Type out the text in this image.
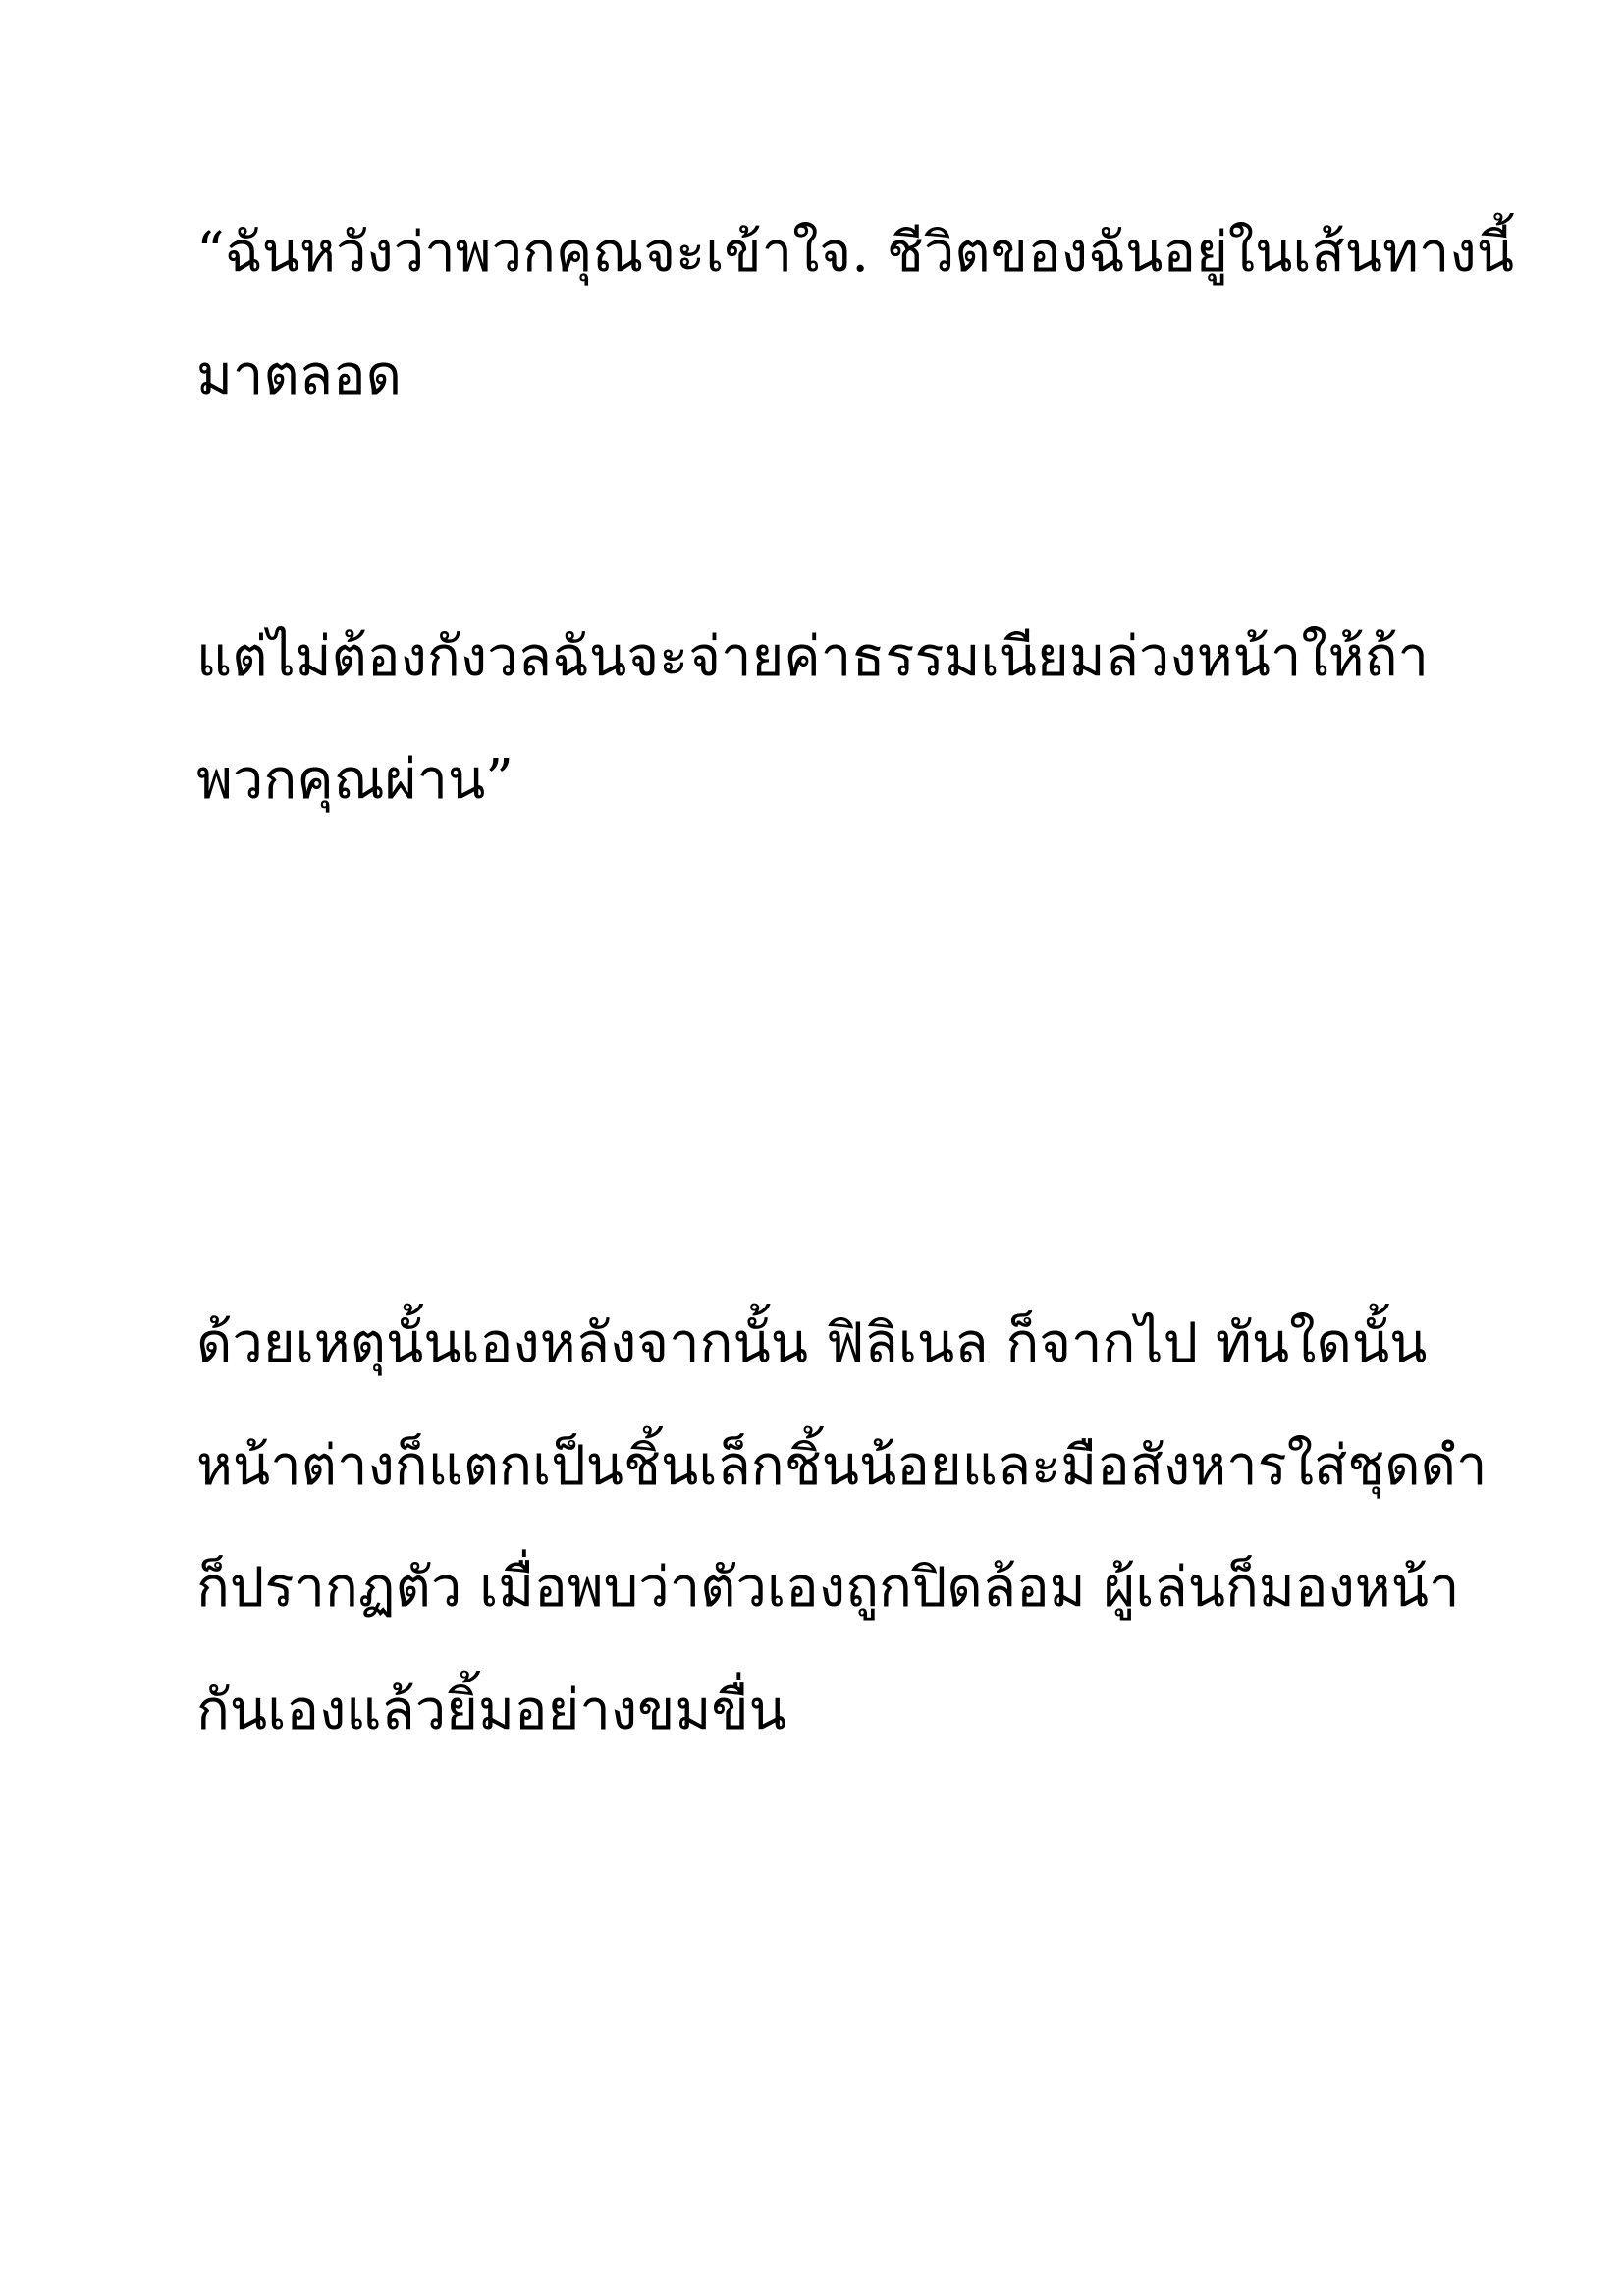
“ฉันหวังว่าพวกคุณจะเข้าใจ. ชีวิตของฉันอยู่ในเส้นทางนี้

มาตลอด

แต่ไม่ต้องกังวลฉันจะจ่ายค่าธรรมเนียมล่วงหน้าให้ถ้า

พวกคุณผ่าน”

ด้วยเหตุนั้นเองหลังจากนั้น ฟิลิเนล ก็จากไป ทันใดนั้น

หน้าต่างก็แตกเป็นชิ้นเล็กชิ้นน้อยและมือสังหารใส่ชุดดำ

ก็ปรากฏตัว เมื่อพบว่าตัวเองถูกปิดล้อม ผู้เล่นก็มองหน้า

กันเองแล้วยิ้มอย่างขมขื่น
